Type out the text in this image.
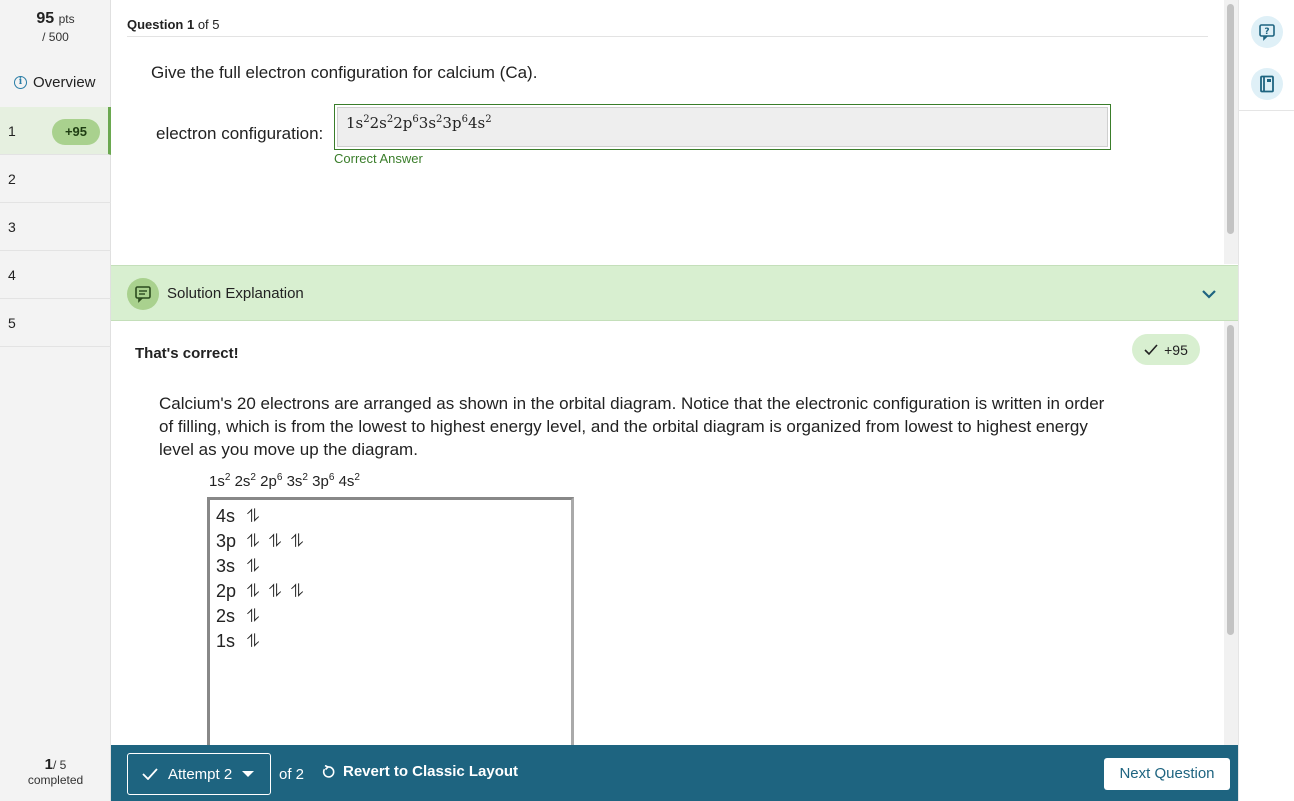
95 pts
/ 500
i Overview
1	+95
2
3
4
5
1/ 5
completed
Question 1 of 5
Give the full electron configuration for calcium (Ca).
electron configuration:
$1s^22s^22p^63s^23p^64s^2$
Correct Answer
Solution Explanation
That's correct!	+95
Calcium's 20 electrons are arranged as shown in the orbital diagram. Notice that the electronic configuration is written in order of filling, which is from the lowest to highest energy level, and the orbital diagram is organized from lowest to highest energy level as you move up the diagram.
$1s^2$ $2s^2$ $2p^6$ $3s^2$ $3p^6$ $4s^2$
4s ⥮
3p ⥮ ⥮ ⥮
3s ⥮
2p ⥮ ⥮ ⥮
2s ⥮
1s ⥮
?
Attempt 2	of 2	Revert to Classic Layout	Next Question
